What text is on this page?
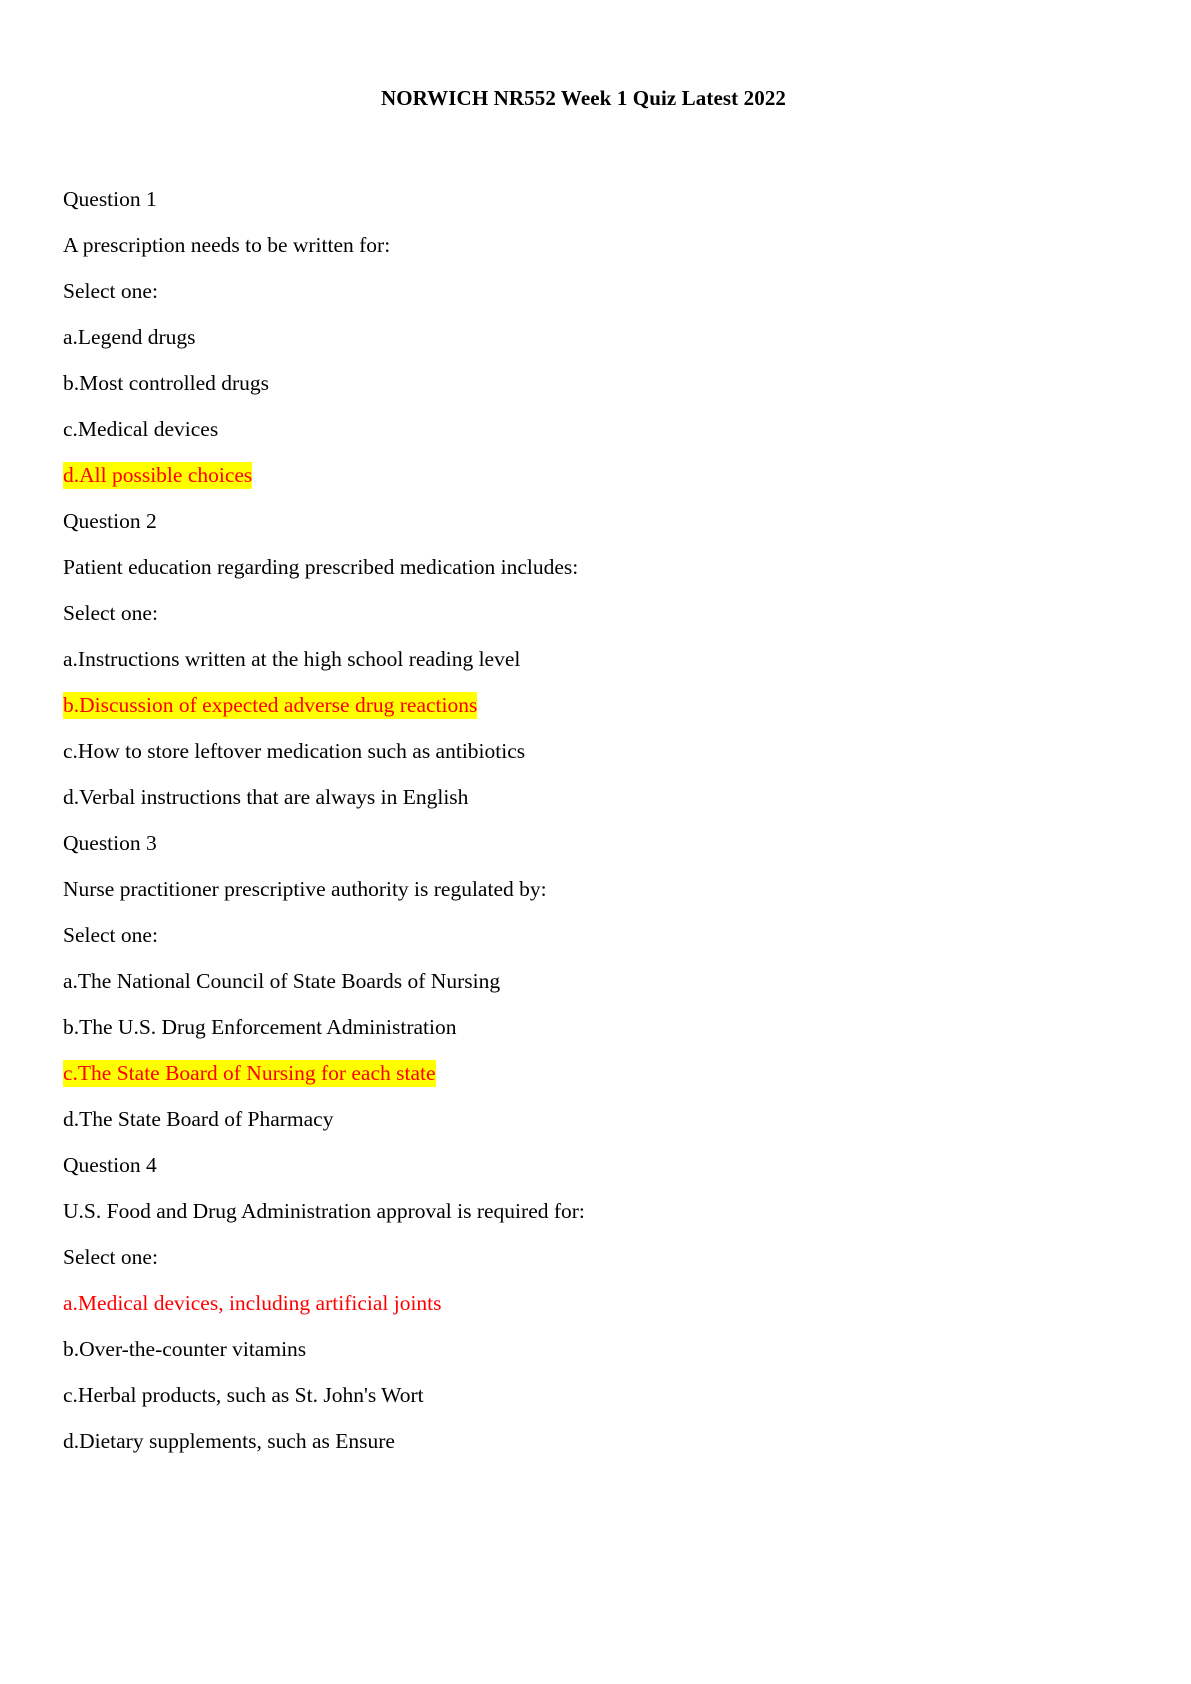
NORWICH NR552 Week 1 Quiz Latest 2022
Question 1
A prescription needs to be written for:
Select one:
a.Legend drugs
b.Most controlled drugs
c.Medical devices
d.All possible choices
Question 2
Patient education regarding prescribed medication includes:
Select one:
a.Instructions written at the high school reading level
b.Discussion of expected adverse drug reactions
c.How to store leftover medication such as antibiotics
d.Verbal instructions that are always in English
Question 3
Nurse practitioner prescriptive authority is regulated by:
Select one:
a.The National Council of State Boards of Nursing
b.The U.S. Drug Enforcement Administration
c.The State Board of Nursing for each state
d.The State Board of Pharmacy
Question 4
U.S. Food and Drug Administration approval is required for:
Select one:
a.Medical devices, including artificial joints
b.Over-the-counter vitamins
c.Herbal products, such as St. John's Wort
d.Dietary supplements, such as Ensure
